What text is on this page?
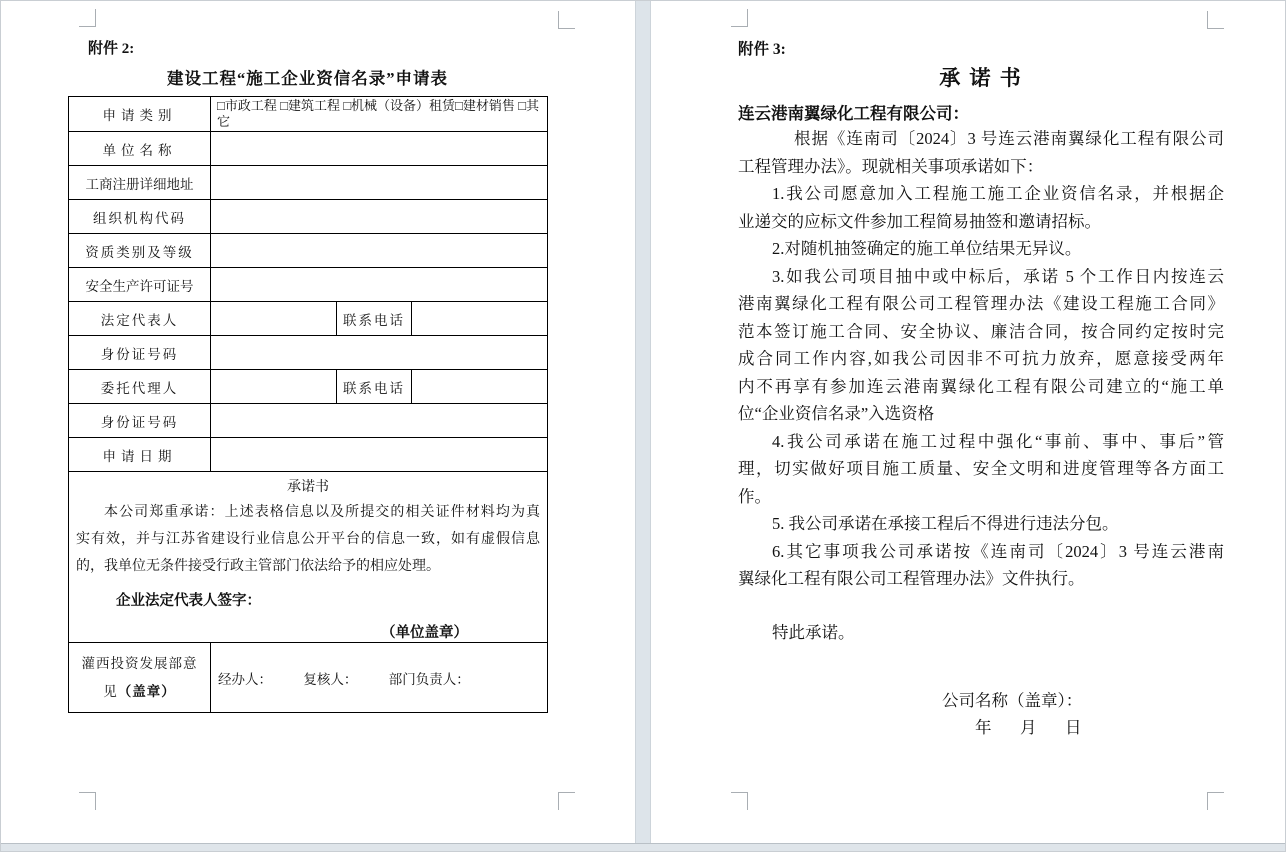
附件 2:
建设工程“施工企业资信名录”申请表
申请类别	□市政工程 □建筑工程 □机械（设备）租赁□建材销售 □其它		
单位名称			
工商注册详细地址			
组织机构代码			
资质类别及等级			
安全生产许可证号			
法定代表人		联系电话	
身份证号码			
委托代理人		联系电话	
身份证号码			
申请日期			

承诺书
本公司郑重承诺：上述表格信息以及所提交的相关证件材料均为真
实有效，并与江苏省建设行业信息公开平台的信息一致，如有虚假信息
的，我单位无条件接受行政主管部门依法给予的相应处理。
企业法定代表人签字：
（单位盖章）

灌西投资发展部意
见（盖章）	经办人： 复核人： 部门负责人：		
附件 3:
承 诺 书
连云港南翼绿化工程有限公司：
根据《连南司〔2024〕3 号连云港南翼绿化工程有限公司
工程管理办法》。现就相关事项承诺如下：
1.我公司愿意加入工程施工施工企业资信名录，并根据企
业递交的应标文件参加工程简易抽签和邀请招标。
2.对随机抽签确定的施工单位结果无异议。
3.如我公司项目抽中或中标后，承诺 5 个工作日内按连云
港南翼绿化工程有限公司工程管理办法《建设工程施工合同》
范本签订施工合同、安全协议、廉洁合同，按合同约定按时完
成合同工作内容,如我公司因非不可抗力放弃，愿意接受两年
内不再享有参加连云港南翼绿化工程有限公司建立的“施工单
位“企业资信名录”入选资格
4.我公司承诺在施工过程中强化“事前、事中、事后”管
理，切实做好项目施工质量、安全文明和进度管理等各方面工
作。
5. 我公司承诺在承接工程后不得进行违法分包。
6.其它事项我公司承诺按《连南司〔2024〕3 号连云港南
翼绿化工程有限公司工程管理办法》文件执行。
特此承诺。
公司名称（盖章）：
年　月　日
